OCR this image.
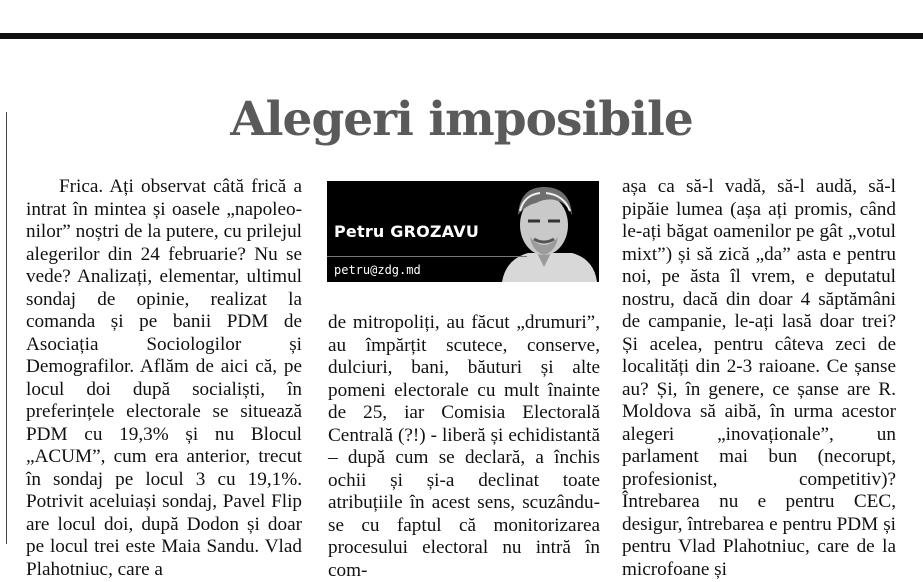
Alegeri imposibile

Frica. Ați observat câtă frică a intrat în mintea și oasele „napoleo-nilor” noștri de la putere, cu prilejul alegerilor din 24 februarie? Nu se vede? Analizați, elementar, ultimul sondaj de opinie, realizat la comanda și pe banii PDM de Asociația Sociologilor și Demografilor. Aflăm de aici că, pe locul doi după socialiști, în preferințele electorale se situează PDM cu 19,3% și nu Blocul „ACUM”, cum era anterior, trecut în sondaj pe locul 3 cu 19,1%. Potrivit aceluiași sondaj, Pavel Flip are locul doi, după Dodon și doar pe locul trei este Maia Sandu. Vlad Plahotniuc, care a

Petru GROZAVU
petru@zdg.md

de mitropoliți, au făcut „drumuri”, au împărțit scutece, conserve, dulciuri, bani, băuturi și alte pomeni electorale cu mult înainte de 25, iar Comisia Electorală Centrală (?!) - liberă și echidistantă – după cum se declară, a închis ochii și și-a declinat toate atribuțiile în acest sens, scuzându-se cu faptul că monitorizarea procesului electoral nu intră în com-

așa ca să-l vadă, să-l audă, să-l pipăie lumea (așa ați promis, când le-ați băgat oamenilor pe gât „votul mixt”) și să zică „da” asta e pentru noi, pe ăsta îl vrem, e deputatul nostru, dacă din doar 4 săptămâni de campanie, le-ați lasă doar trei? Și acelea, pentru câteva zeci de localități din 2-3 raioane. Ce șanse au? Și, în genere, ce șanse are R. Moldova să aibă, în urma acestor alegeri „inovaționale”, un parlament mai bun (necorupt, profesionist, competitiv)? Întrebarea nu e pentru CEC, desigur, întrebarea e pentru PDM și pentru Vlad Plahotniuc, care de la microfoane și
